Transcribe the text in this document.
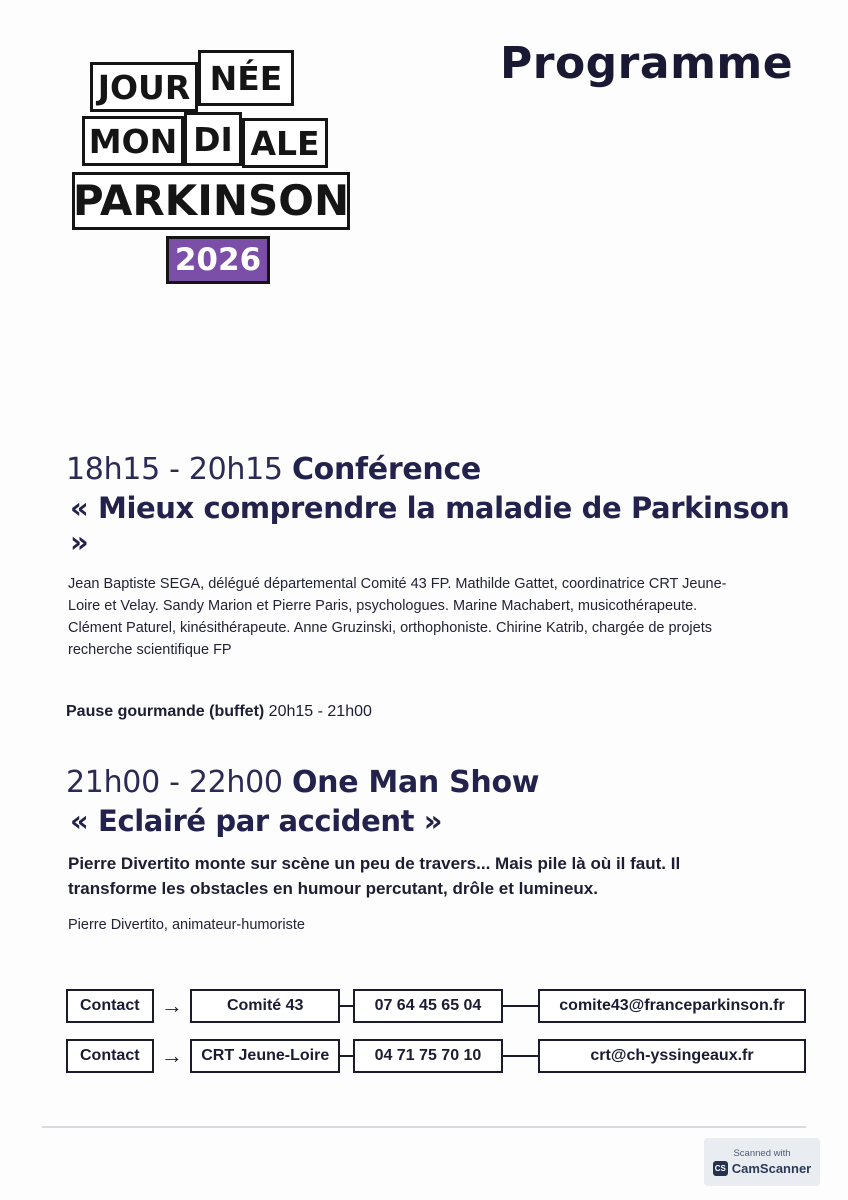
JOUR NÉE
MON DI ALE
PARKINSON
2026
Programme
18h15 - 20h15 Conférence
« Mieux comprendre la maladie de Parkinson »
Jean Baptiste SEGA, délégué départemental Comité 43 FP. Mathilde Gattet, coordinatrice CRT Jeune-Loire et Velay. Sandy Marion et Pierre Paris, psychologues. Marine Machabert, musicothérapeute. Clément Paturel, kinésithérapeute. Anne Gruzinski, orthophoniste. Chirine Katrib, chargée de projets recherche scientifique FP
Pause gourmande (buffet) 20h15 - 21h00
21h00 - 22h00 One Man Show
« Eclairé par accident »
Pierre Divertito monte sur scène un peu de travers... Mais pile là où il faut. Il transforme les obstacles en humour percutant, drôle et lumineux.
Pierre Divertito, animateur-humoriste
Contact →	Comité 43	07 64 45 65 04	comite43@franceparkinson.fr
Contact →	CRT Jeune-Loire	04 71 75 70 10	crt@ch-yssingeaux.fr
Scanned with
CS CamScanner
